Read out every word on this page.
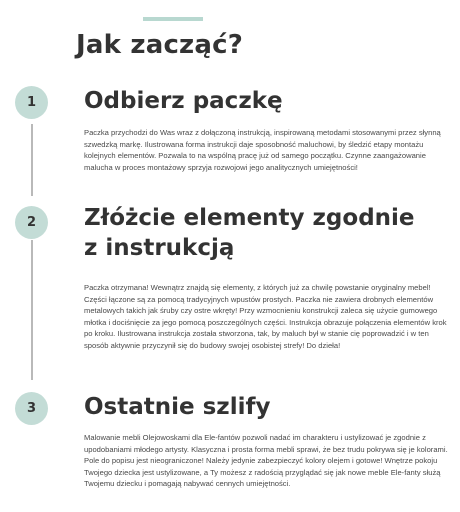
Jak zacząć?
1 Odbierz paczkę

Paczka przychodzi do Was wraz z dołączoną instrukcją, inspirowaną metodami stosowanymi przez słynną szwedzką markę. Ilustrowana forma instrukcji daje sposobność maluchowi, by śledzić etapy montażu kolejnych elementów. Pozwala to na wspólną pracę już od samego początku. Czynne zaangażowanie malucha w proces montażowy sprzyja rozwojowi jego analitycznych umiejętności!

2 Złóżcie elementy zgodnie
z instrukcją

Paczka otrzymana! Wewnątrz znajdą się elementy, z których już za chwilę powstanie oryginalny mebel! Części łączone są za pomocą tradycyjnych wpustów prostych. Paczka nie zawiera drobnych elementów metalowych takich jak śruby czy ostre wkręty! Przy wzmocnieniu konstrukcji zaleca się użycie gumowego młotka i dociśnięcie za jego pomocą poszczególnych części. Instrukcja obrazuje połączenia elementów krok po kroku. Ilustrowana instrukcja została stworzona, tak, by maluch był w stanie cię poprowadzić i w ten sposób aktywnie przyczynił się do budowy swojej osobistej strefy! Do dzieła!

3 Ostatnie szlify

Malowanie mebli Olejowoskami dla Ele-fantów pozwoli nadać im charakteru i ustylizować je zgodnie z upodobaniami młodego artysty. Klasyczna i prosta forma mebli sprawi, że bez trudu pokrywa się je kolorami. Pole do popisu jest nieograniczone! Należy jedynie zabezpieczyć kolory olejem i gotowe! Wnętrze pokoju Twojego dziecka jest ustylizowane, a Ty możesz z radością przyglądać się jak nowe meble Ele-fanty służą Twojemu dziecku i pomagają nabywać cennych umiejętności.
